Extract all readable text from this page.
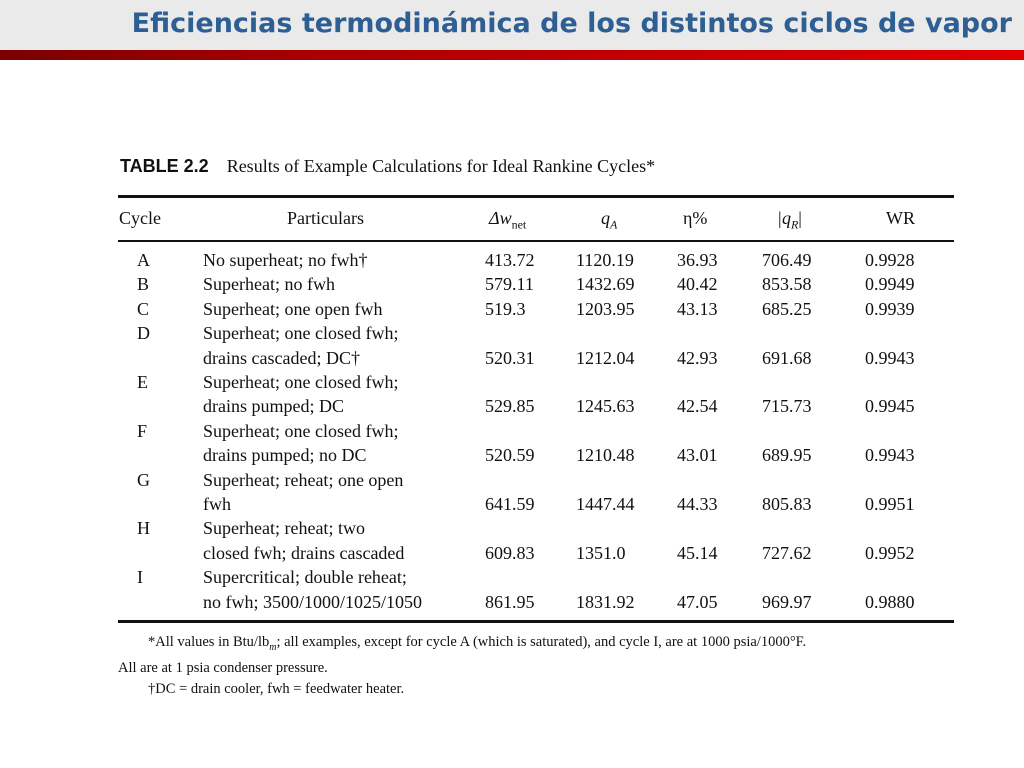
Eficiencias termodinámica de los distintos ciclos de vapor
TABLE 2.2 Results of Example Calculations for Ideal Rankine Cycles*
Cycle	Particulars	$\Delta w_{net}$	$q_A$	η%	$|q_R|$	WR
A	No superheat; no fwh†	413.72 1120.19 36.93 706.49	0.9928
B	Superheat; no fwh	579.11 1432.69 40.42 853.58	0.9949
C	Superheat; one open fwh	519.3	1203.95 43.13 685.25	0.9939
D	Superheat; one closed fwh;
drains cascaded; DC†	520.31 1212.04 42.93 691.68	0.9943
E	Superheat; one closed fwh;
drains pumped; DC	529.85 1245.63 42.54 715.73	0.9945
F	Superheat; one closed fwh;
drains pumped; no DC	520.59 1210.48 43.01 689.95	0.9943
G	Superheat; reheat; one open
fwh	641.59 1447.44 44.33 805.83	0.9951
H	Superheat; reheat; two
closed fwh; drains cascaded	609.83 1351.0	45.14 727.62	0.9952
I	Supercritical; double reheat;
no fwh; 3500/1000/1025/1050	861.95 1831.92 47.05 969.97	0.9880
*All values in Btu/$lb_m$; all examples, except for cycle A (which is saturated), and cycle I, are at 1000 psia/1000°F.
All are at 1 psia condenser pressure.
†DC = drain cooler, fwh = feedwater heater.
